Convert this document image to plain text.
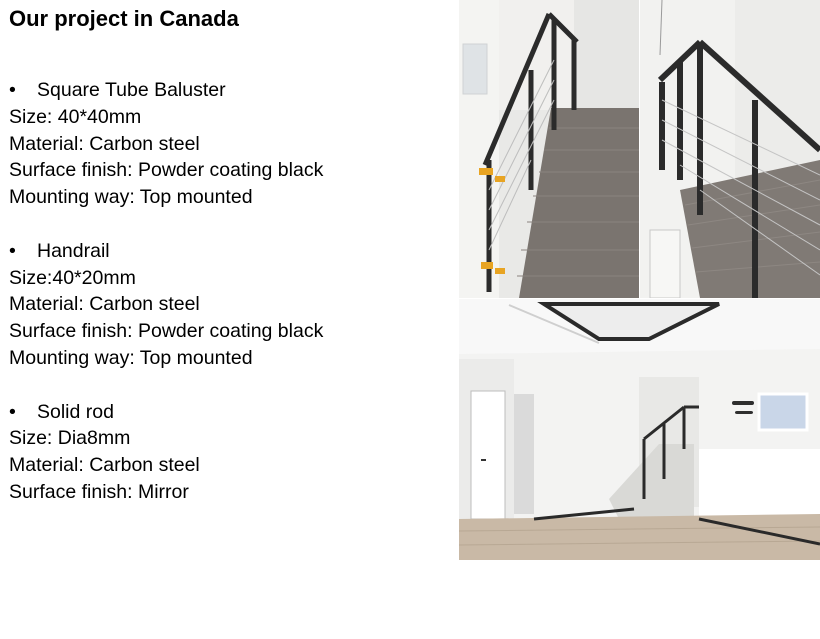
Our project in Canada
•	Square Tube Baluster
Size: 40*40mm
Material: Carbon steel
Surface finish: Powder coating black
Mounting way: Top mounted
•	Handrail
Size:40*20mm
Material: Carbon steel
Surface finish: Powder coating black
Mounting way: Top mounted
•	Solid rod
Size: Dia8mm
Material: Carbon steel
Surface finish: Mirror
